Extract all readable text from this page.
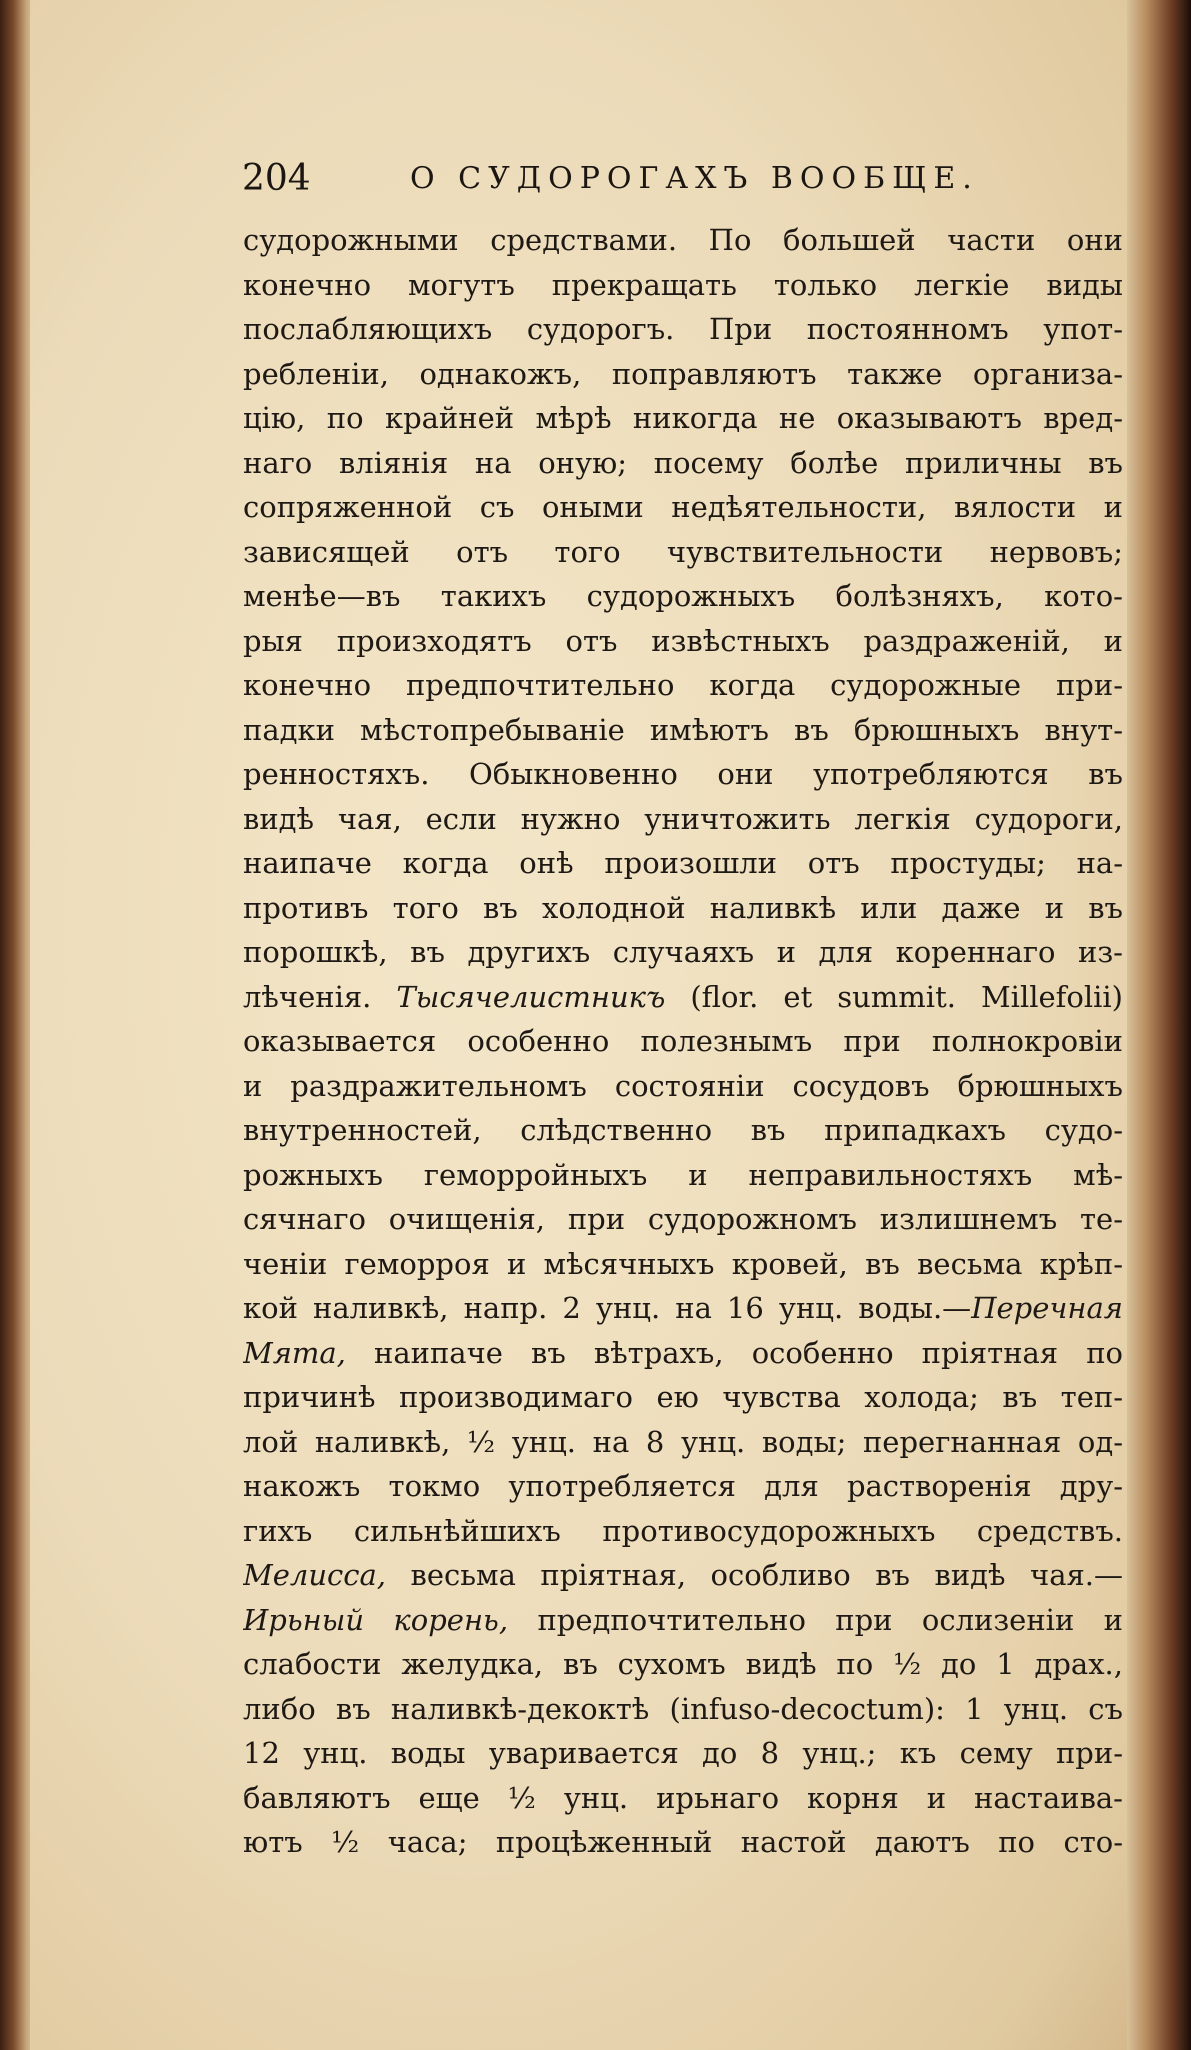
204	О СУДОРОГАХЪ ВООБЩЕ.
судорожными средствами. По большей части они
конечно могутъ прекращать только легкіе виды
послабляющихъ судорогъ. При постоянномъ упот-
ребленіи, однакожъ, поправляютъ также организа-
цію, по крайней мѣрѣ никогда не оказываютъ вред-
наго вліянія на оную; посему болѣе приличны въ
сопряженной съ оными недѣятельности, вялости и
зависящей отъ того чувствительности нервовъ;
менѣе—въ такихъ судорожныхъ болѣзняхъ, кото-
рыя произходятъ отъ извѣстныхъ раздраженій, и
конечно предпочтительно когда судорожные при-
падки мѣстопребываніе имѣютъ въ брюшныхъ внут-
ренностяхъ. Обыкновенно они употребляются въ
видѣ чая, если нужно уничтожить легкія судороги,
наипаче когда онѣ произошли отъ простуды; на-
противъ того въ холодной наливкѣ или даже и въ
порошкѣ, въ другихъ случаяхъ и для кореннаго из-
лѣченія. Тысячелистникъ (flor. et summit. Millefolii)
оказывается особенно полезнымъ при полнокровіи
и раздражительномъ состояніи сосудовъ брюшныхъ
внутренностей, слѣдственно въ припадкахъ судо-
рожныхъ геморройныхъ и неправильностяхъ мѣ-
сячнаго очищенія, при судорожномъ излишнемъ те-
ченіи геморроя и мѣсячныхъ кровей, въ весьма крѣп-
кой наливкѣ, напр. 2 унц. на 16 унц. воды.—Перечная
Мята, наипаче въ вѣтрахъ, особенно пріятная по
причинѣ производимаго ею чувства холода; въ теп-
лой наливкѣ, ½ унц. на 8 унц. воды; перегнанная од-
накожъ токмо употребляется для растворенія дру-
гихъ сильнѣйшихъ противосудорожныхъ средствъ.
Мелисса, весьма пріятная, особливо въ видѣ чая.—
Ирьный корень, предпочтительно при ослизеніи и
слабости желудка, въ сухомъ видѣ по ½ до 1 драх.,
либо въ наливкѣ-декоктѣ (infuso-decoctum): 1 унц. съ
12 унц. воды уваривается до 8 унц.; къ сему при-
бавляютъ еще ½ унц. ирьнаго корня и настаива-
ютъ ½ часа; процѣженный настой даютъ по сто-
